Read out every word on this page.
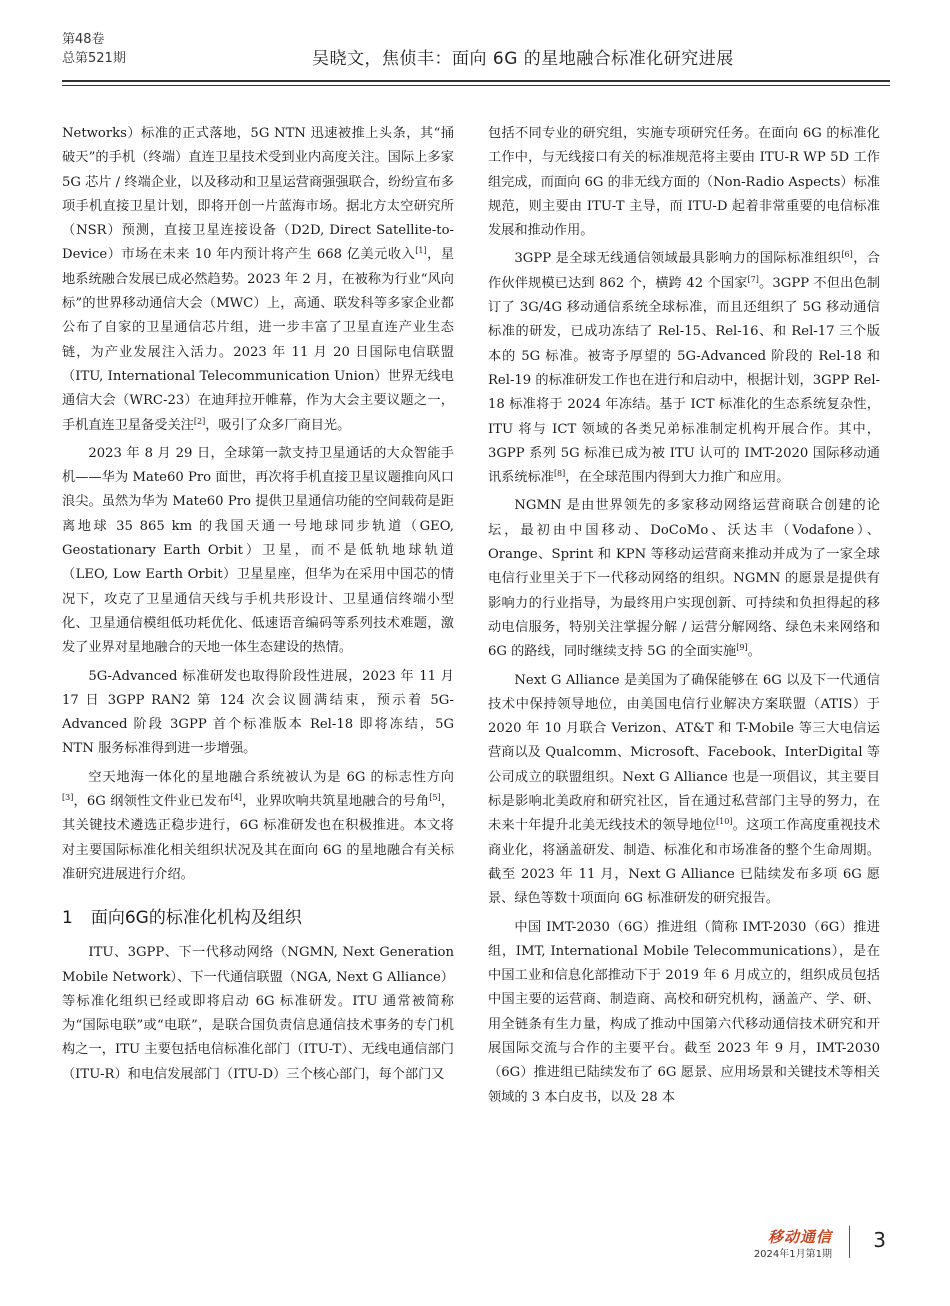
第48卷
总第521期	吴晓文，焦侦丰：面向 6G 的星地融合标准化研究进展

Networks）标准的正式落地，5G NTN 迅速被推上头条，其“捅破天”的手机（终端）直连卫星技术受到业内高度关注。国际上多家 5G 芯片 / 终端企业，以及移动和卫星运营商强强联合，纷纷宣布多项手机直接卫星计划，即将开创一片蓝海市场。据北方太空研究所（NSR）预测，直接卫星连接设备（D2D, Direct Satellite-to-Device）市场在未来 10 年内预计将产生 668 亿美元收入[1]，星地系统融合发展已成必然趋势。2023 年 2 月，在被称为行业“风向标”的世界移动通信大会（MWC）上，高通、联发科等多家企业都公布了自家的卫星通信芯片组，进一步丰富了卫星直连产业生态链，为产业发展注入活力。2023 年 11 月 20 日国际电信联盟（ITU, International Telecommunication Union）世界无线电通信大会（WRC-23）在迪拜拉开帷幕，作为大会主要议题之一，手机直连卫星备受关注[2]，吸引了众多厂商目光。

2023 年 8 月 29 日，全球第一款支持卫星通话的大众智能手机——华为 Mate60 Pro 面世，再次将手机直接卫星议题推向风口浪尖。虽然为华为 Mate60 Pro 提供卫星通信功能的空间载荷是距离地球 35 865 km 的我国天通一号地球同步轨道（GEO, Geostationary Earth Orbit）卫星，而不是低轨地球轨道（LEO, Low Earth Orbit）卫星星座，但华为在采用中国芯的情况下，攻克了卫星通信天线与手机共形设计、卫星通信终端小型化、卫星通信模组低功耗优化、低速语音编码等系列技术难题，激发了业界对星地融合的天地一体生态建设的热情。

5G-Advanced 标准研发也取得阶段性进展，2023 年 11 月 17 日 3GPP RAN2 第 124 次会议圆满结束，预示着 5G-Advanced 阶段 3GPP 首个标准版本 Rel-18 即将冻结，5G NTN 服务标准得到进一步增强。

空天地海一体化的星地融合系统被认为是 6G 的标志性方向[3]，6G 纲领性文件业已发布[4]，业界吹响共筑星地融合的号角[5]，其关键技术遴选正稳步进行，6G 标准研发也在积极推进。本文将对主要国际标准化相关组织状况及其在面向 6G 的星地融合有关标准研究进展进行介绍。

1 面向6G的标准化机构及组织

ITU、3GPP、下一代移动网络（NGMN, Next Generation Mobile Network）、下一代通信联盟（NGA, Next G Alliance）等标准化组织已经或即将启动 6G 标准研发。ITU 通常被简称为“国际电联”或“电联”，是联合国负责信息通信技术事务的专门机构之一，ITU 主要包括电信标准化部门（ITU-T）、无线电通信部门（ITU-R）和电信发展部门（ITU-D）三个核心部门，每个部门又

包括不同专业的研究组，实施专项研究任务。在面向 6G 的标准化工作中，与无线接口有关的标准规范将主要由 ITU-R WP 5D 工作组完成，而面向 6G 的非无线方面的（Non-Radio Aspects）标准规范，则主要由 ITU-T 主导，而 ITU-D 起着非常重要的电信标准发展和推动作用。

3GPP 是全球无线通信领域最具影响力的国际标准组织[6]，合作伙伴规模已达到 862 个，横跨 42 个国家[7]。3GPP 不但出色制订了 3G/4G 移动通信系统全球标准，而且还组织了 5G 移动通信标准的研发，已成功冻结了 Rel-15、Rel-16、和 Rel-17 三个版本的 5G 标准。被寄予厚望的 5G-Advanced 阶段的 Rel-18 和 Rel-19 的标准研发工作也在进行和启动中，根据计划，3GPP Rel-18 标准将于 2024 年冻结。基于 ICT 标准化的生态系统复杂性，ITU 将与 ICT 领域的各类兄弟标准制定机构开展合作。其中，3GPP 系列 5G 标准已成为被 ITU 认可的 IMT-2020 国际移动通讯系统标准[8]，在全球范围内得到大力推广和应用。

NGMN 是由世界领先的多家移动网络运营商联合创建的论坛，最初由中国移动、DoCoMo、沃达丰（Vodafone）、Orange、Sprint 和 KPN 等移动运营商来推动并成为了一家全球电信行业里关于下一代移动网络的组织。NGMN 的愿景是提供有影响力的行业指导，为最终用户实现创新、可持续和负担得起的移动电信服务，特别关注掌握分解 / 运营分解网络、绿色未来网络和 6G 的路线，同时继续支持 5G 的全面实施[9]。

Next G Alliance 是美国为了确保能够在 6G 以及下一代通信技术中保持领导地位，由美国电信行业解决方案联盟（ATIS）于 2020 年 10 月联合 Verizon、AT&T 和 T-Mobile 等三大电信运营商以及 Qualcomm、Microsoft、Facebook、InterDigital 等公司成立的联盟组织。Next G Alliance 也是一项倡议，其主要目标是影响北美政府和研究社区，旨在通过私营部门主导的努力，在未来十年提升北美无线技术的领导地位[10]。这项工作高度重视技术商业化，将涵盖研发、制造、标准化和市场准备的整个生命周期。截至 2023 年 11 月，Next G Alliance 已陆续发布多项 6G 愿景、绿色等数十项面向 6G 标准研发的研究报告。

中国 IMT-2030（6G）推进组（简称 IMT-2030（6G）推进组，IMT, International Mobile Telecommunications），是在中国工业和信息化部推动下于 2019 年 6 月成立的，组织成员包括中国主要的运营商、制造商、高校和研究机构，涵盖产、学、研、用全链条有生力量，构成了推动中国第六代移动通信技术研究和开展国际交流与合作的主要平台。截至 2023 年 9 月，IMT-2030（6G）推进组已陆续发布了 6G 愿景、应用场景和关键技术等相关领域的 3 本白皮书，以及 28 本

移动通信
2024年1月第1期
3
